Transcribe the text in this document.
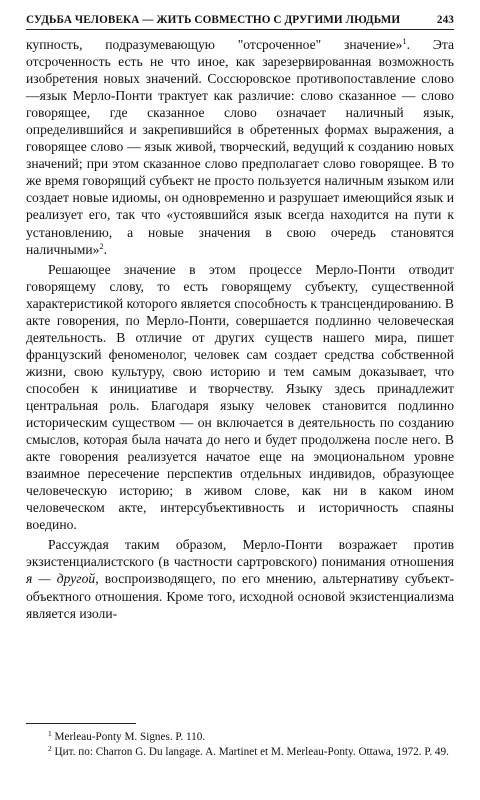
СУДЬБА ЧЕЛОВЕКА — ЖИТЬ СОВМЕСТНО С ДРУГИМИ ЛЮДЬМИ	243

купность, подразумевающую "отсроченное" значение»$^1$. Эта отсроченность есть не что иное, как зарезервированная возможность изобретения новых значений. Соссюровское противопоставление слово—язык Мерло-Понти трактует как различие: слово сказанное — слово говорящее, где сказанное слово означает наличный язык, определившийся и закрепившийся в обретенных формах выражения, а говорящее слово — язык живой, творческий, ведущий к созданию новых значений; при этом сказанное слово предполагает слово говорящее. В то же время говорящий субъект не просто пользуется наличным языком или создает новые идиомы, он одновременно и разрушает имеющийся язык и реализует его, так что «устоявшийся язык всегда находится на пути к установлению, а новые значения в свою очередь становятся наличными»$^2$.

Решающее значение в этом процессе Мерло-Понти отводит говорящему слову, то есть говорящему субъекту, существенной характеристикой которого является способность к трансцендированию. В акте говорения, по Мерло-Понти, совершается подлинно человеческая деятельность. В отличие от других существ нашего мира, пишет французский феноменолог, человек сам создает средства собственной жизни, свою культуру, свою историю и тем самым доказывает, что способен к инициативе и творчеству. Языку здесь принадлежит центральная роль. Благодаря языку человек становится подлинно историческим существом — он включается в деятельность по созданию смыслов, которая была начата до него и будет продолжена после него. В акте говорения реализуется начатое еще на эмоциональном уровне взаимное пересечение перспектив отдельных индивидов, образующее человеческую историю; в живом слове, как ни в каком ином человеческом акте, интерсубъективность и историчность спаяны воедино.

Рассуждая таким образом, Мерло-Понти возражает против экзистенциалистского (в частности сартровского) понимания отношения я — другой, воспроизводящего, по его мнению, альтернативу субъект-объектного отношения. Кроме того, исходной основой экзистенциализма является изоли-

$^1$ Merleau-Ponty M. Signes. P. 110.

$^2$ Цит. по: Charron G. Du langage. A. Martinet et M. Merleau-Ponty. Ottawa, 1972. P. 49.
